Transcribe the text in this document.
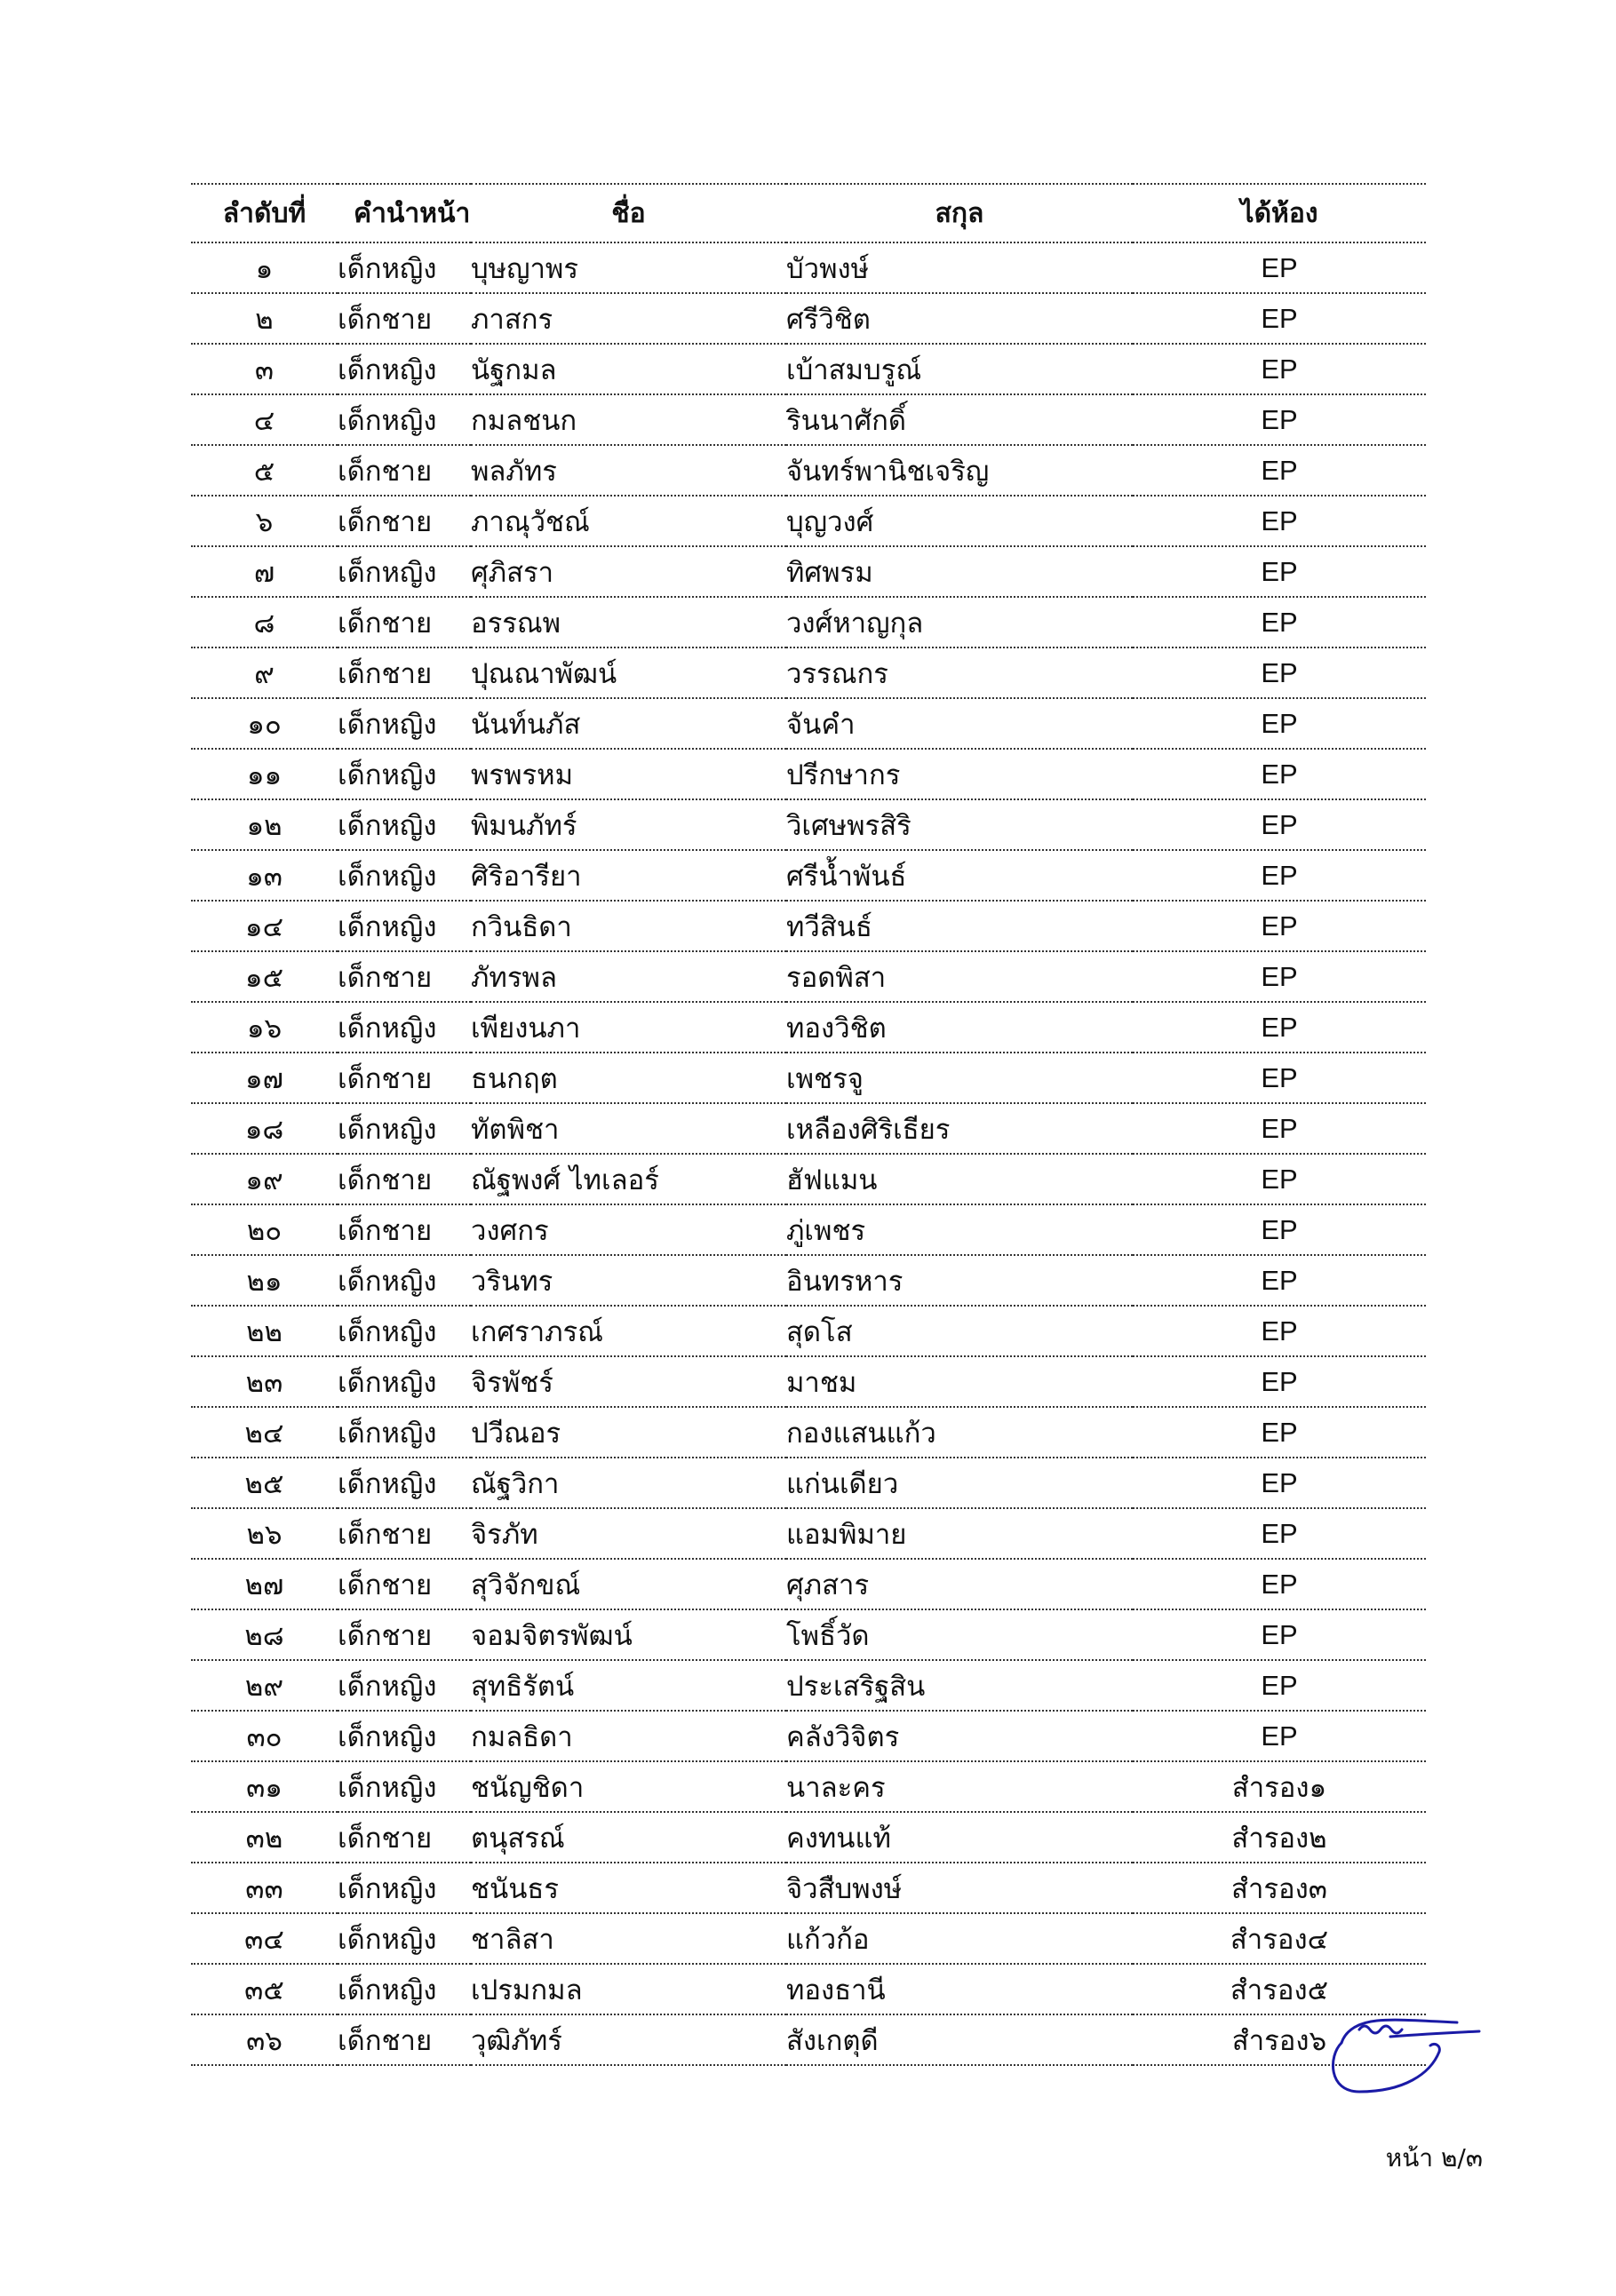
ลำดับที่	คำนำหน้า	ชื่อ	สกุล	ได้ห้อง
๑	เด็กหญิง	บุษญาพร	บัวพงษ์	EP
๒	เด็กชาย	ภาสกร	ศรีวิชิต	EP
๓	เด็กหญิง	นัฐกมล	เบ้าสมบรูณ์	EP
๔	เด็กหญิง	กมลชนก	รินนาศักดิ์	EP
๕	เด็กชาย	พลภัทร	จันทร์พานิชเจริญ	EP
๖	เด็กชาย	ภาณุวัชณ์	บุญวงศ์	EP
๗	เด็กหญิง	ศุภิสรา	ทิศพรม	EP
๘	เด็กชาย	อรรณพ	วงศ์หาญกุล	EP
๙	เด็กชาย	ปุณณาพัฒน์	วรรณกร	EP
๑๐	เด็กหญิง	นันท์นภัส	จันคำ	EP
๑๑	เด็กหญิง	พรพรหม	ปรีกษากร	EP
๑๒	เด็กหญิง	พิมนภัทร์	วิเศษพรสิริ	EP
๑๓	เด็กหญิง	ศิริอารียา	ศรีน้ำพันธ์	EP
๑๔	เด็กหญิง	กวินธิดา	ทวีสินธ์	EP
๑๕	เด็กชาย	ภัทรพล	รอดพิสา	EP
๑๖	เด็กหญิง	เพียงนภา	ทองวิชิต	EP
๑๗	เด็กชาย	ธนกฤต	เพชรจู	EP
๑๘	เด็กหญิง	ทัตพิชา	เหลืองศิริเธียร	EP
๑๙	เด็กชาย	ณัฐพงศ์ ไทเลอร์	ฮัฟแมน	EP
๒๐	เด็กชาย	วงศกร	ภู่เพชร	EP
๒๑	เด็กหญิง	วรินทร	อินทรหาร	EP
๒๒	เด็กหญิง	เกศราภรณ์	สุดโส	EP
๒๓	เด็กหญิง	จิรพัชร์	มาชม	EP
๒๔	เด็กหญิง	ปวีณอร	กองแสนแก้ว	EP
๒๕	เด็กหญิง	ณัฐวิกา	แก่นเดียว	EP
๒๖	เด็กชาย	จิรภัท	แอมพิมาย	EP
๒๗	เด็กชาย	สุวิจักขณ์	ศุภสาร	EP
๒๘	เด็กชาย	จอมจิตรพัฒน์	โพธิ์วัด	EP
๒๙	เด็กหญิง	สุทธิรัตน์	ประเสริฐสิน	EP
๓๐	เด็กหญิง	กมลธิดา	คลังวิจิตร	EP
๓๑	เด็กหญิง	ชนัญชิดา	นาละคร	สำรอง๑
๓๒	เด็กชาย	ตนุสรณ์	คงทนแท้	สำรอง๒
๓๓	เด็กหญิง	ชนันธร	จิวสืบพงษ์	สำรอง๓
๓๔	เด็กหญิง	ชาลิสา	แก้วก้อ	สำรอง๔
๓๕	เด็กหญิง	เปรมกมล	ทองธานี	สำรอง๕
๓๖	เด็กชาย	วุฒิภัทร์	สังเกตุดี	สำรอง๖
หน้า ๒/๓
